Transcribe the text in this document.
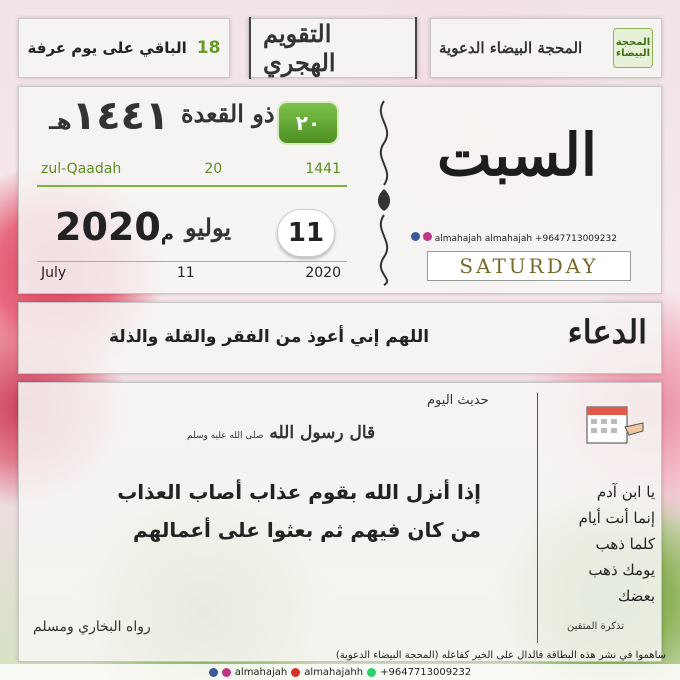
الباقي على يوم عرفة 18	التقويم الهجري	المحجة البيضاء الدعوية	المحجة البيضاء
٢٠
ذو القعدة
١٤٤١هـ
zul-Qaadah	20	1441
11
يوليو
م2020
July	11	2020
السبت
almahajah almahajah +9647713009232
SATURDAY
اللهم إني أعوذ من الفقر والقلة والذلة	الدعاء
حديث اليوم
قال رسول الله صلى الله عليه وسلم
إذا أنزل الله بقوم عذاب أصاب العذاب من كان فيهم ثم بعثوا على أعمالهم
رواه البخاري ومسلم
يا ابن آدم
إنما أنت أيام
كلما ذهب
يومك ذهب
بعضك
تذكرة المتقين
(المحجة البيضاء الدعوية) ساهموا في نشر هذه البطاقة فالدال على الخير كفاعله
almahajah almahajahh +9647713009232
